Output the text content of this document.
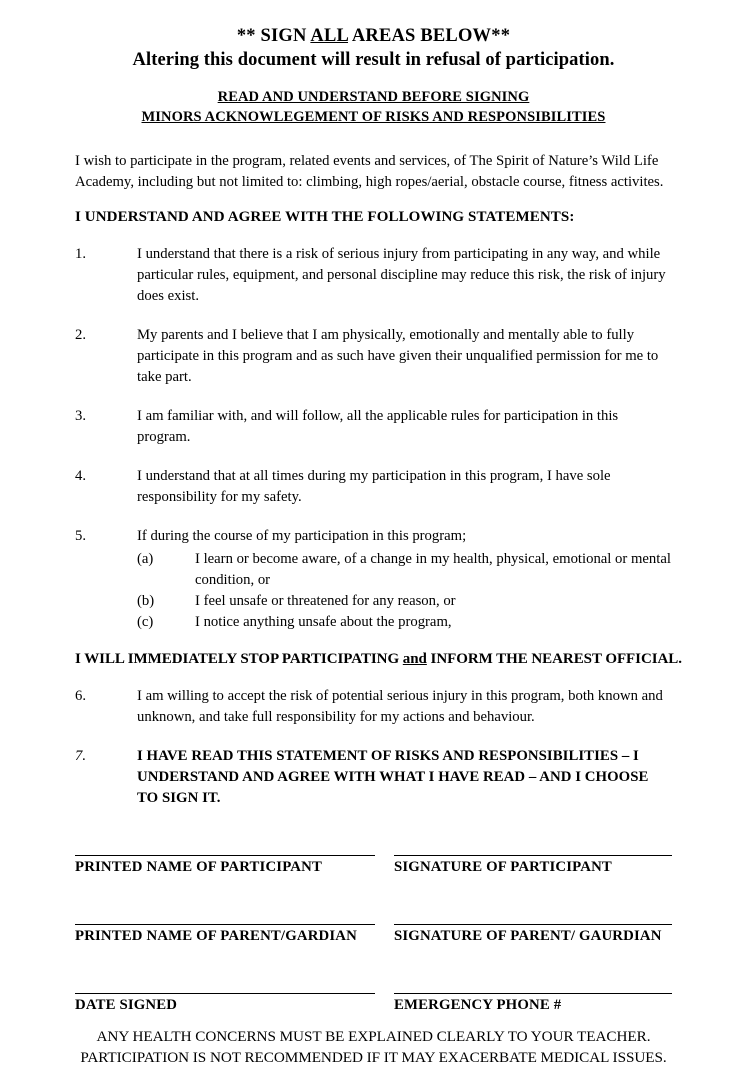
** SIGN ALL AREAS BELOW**
Altering this document will result in refusal of participation.
READ AND UNDERSTAND BEFORE SIGNING
MINORS ACKNOWLEGEMENT OF RISKS AND RESPONSIBILITIES
I wish to participate in the program, related events and services, of The Spirit of Nature’s Wild Life Academy, including but not limited to: climbing, high ropes/aerial, obstacle course, fitness activites.
I UNDERSTAND AND AGREE WITH THE FOLLOWING STATEMENTS:
1.	I understand that there is a risk of serious injury from participating in any way, and while particular rules, equipment, and personal discipline may reduce this risk, the risk of injury does exist.
2.	My parents and I believe that I am physically, emotionally and mentally able to fully participate in this program and as such have given their unqualified permission for me to take part.
3.	I am familiar with, and will follow, all the applicable rules for participation in this program.
4.	I understand that at all times during my participation in this program, I have sole responsibility for my safety.
5.	If during the course of my participation in this program;
(a)	I learn or become aware, of a change in my health, physical, emotional or mental condition, or
(b)	I feel unsafe or threatened for any reason, or
(c)	I notice anything unsafe about the program,
I WILL IMMEDIATELY STOP PARTICIPATING and INFORM THE NEAREST OFFICIAL.
6.	I am willing to accept the risk of potential serious injury in this program, both known and unknown, and take full responsibility for my actions and behaviour.
7.	I HAVE READ THIS STATEMENT OF RISKS AND RESPONSIBILITIES – I UNDERSTAND AND AGREE WITH WHAT I HAVE READ – AND I CHOOSE TO SIGN IT.
PRINTED NAME OF PARTICIPANT	SIGNATURE OF PARTICIPANT
PRINTED NAME OF PARENT/GARDIAN	SIGNATURE OF PARENT/ GAURDIAN
DATE SIGNED	EMERGENCY PHONE #
ANY HEALTH CONCERNS MUST BE EXPLAINED CLEARLY TO YOUR TEACHER.
PARTICIPATION IS NOT RECOMMENDED IF IT MAY EXACERBATE MEDICAL ISSUES.
